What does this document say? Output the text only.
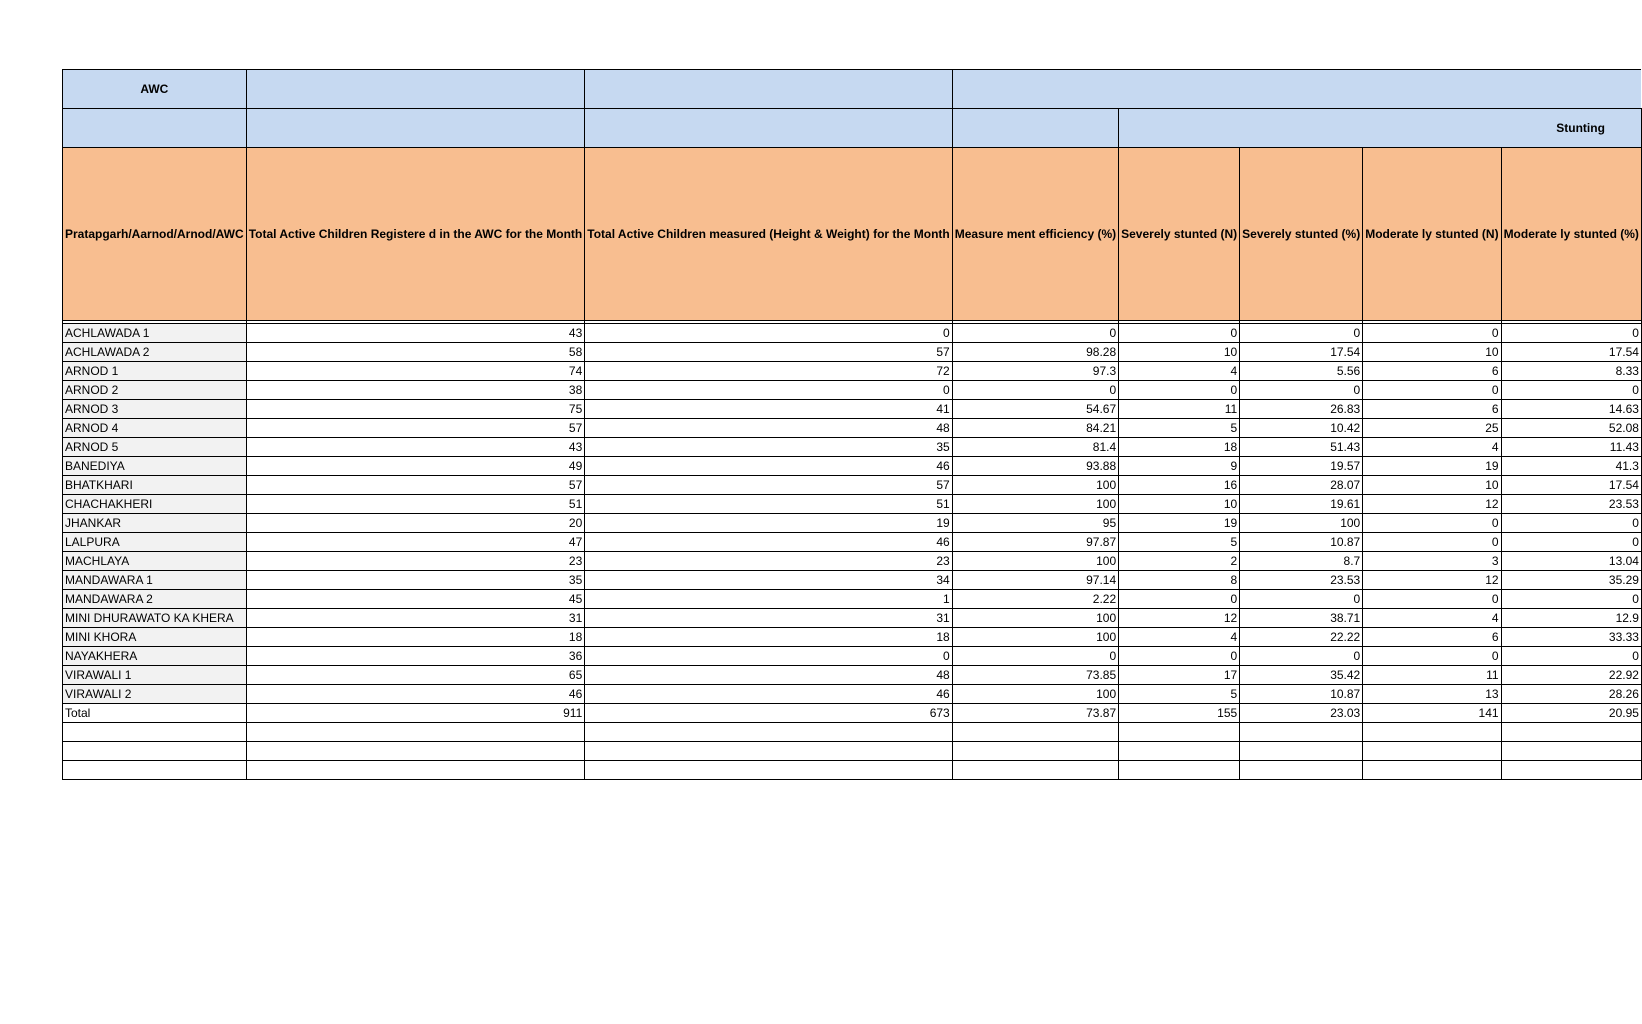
AWC							
				Stunting			
Pratapgarh/Aarnod/Arnod/AWC	Total Active Children Registere d in the AWC for the Month	Total Active Children measured (Height & Weight) for the Month	Measure ment efficiency (%)	Severely stunted (N)	Severely stunted (%)	Moderate ly stunted (N)	Moderate ly stunted (%)

ACHLAWADA 1	43	0	0	0	0	0	0
ACHLAWADA 2	58	57	98.28	10	17.54	10	17.54
ARNOD 1	74	72	97.3	4	5.56	6	8.33
ARNOD 2	38	0	0	0	0	0	0
ARNOD 3	75	41	54.67	11	26.83	6	14.63
ARNOD 4	57	48	84.21	5	10.42	25	52.08
ARNOD 5	43	35	81.4	18	51.43	4	11.43
BANEDIYA	49	46	93.88	9	19.57	19	41.3
BHATKHARI	57	57	100	16	28.07	10	17.54
CHACHAKHERI	51	51	100	10	19.61	12	23.53
JHANKAR	20	19	95	19	100	0	0
LALPURA	47	46	97.87	5	10.87	0	0
MACHLAYA	23	23	100	2	8.7	3	13.04
MANDAWARA 1	35	34	97.14	8	23.53	12	35.29
MANDAWARA 2	45	1	2.22	0	0	0	0
MINI DHURAWATO KA KHERA	31	31	100	12	38.71	4	12.9
MINI KHORA	18	18	100	4	22.22	6	33.33
NAYAKHERA	36	0	0	0	0	0	0
VIRAWALI 1	65	48	73.85	17	35.42	11	22.92
VIRAWALI 2	46	46	100	5	10.87	13	28.26
Total	911	673	73.87	155	23.03	141	20.95
